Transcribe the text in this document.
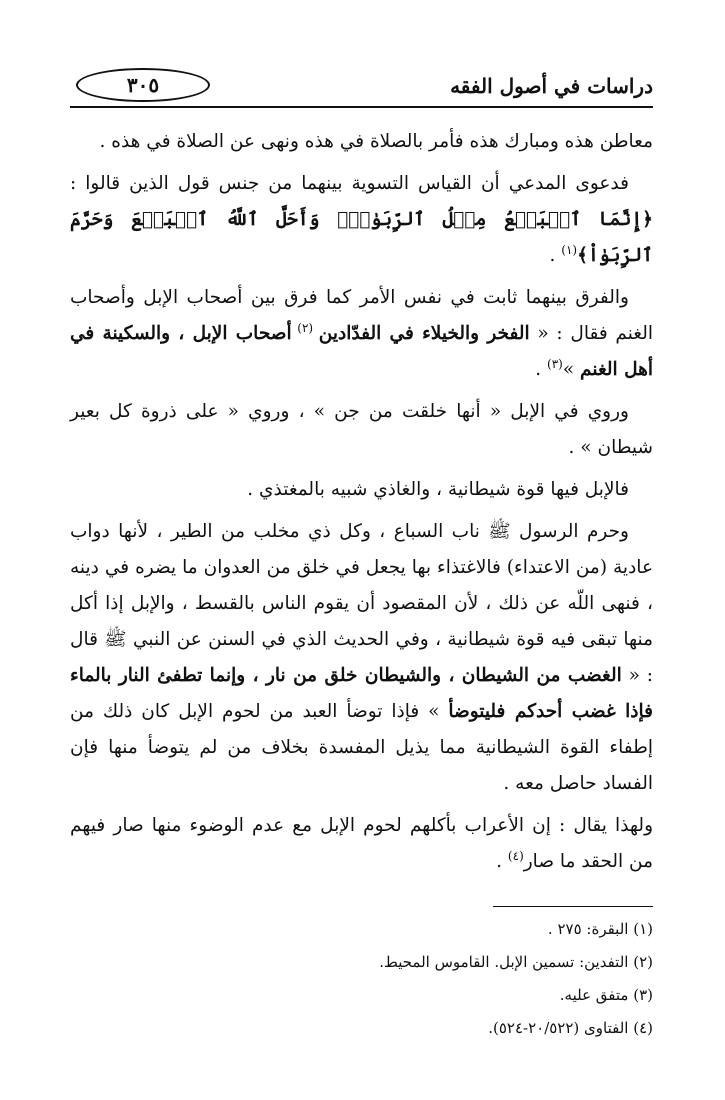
دراسات في أصول الفقه
٣٠٥

معاطن هذه ومبارك هذه فأمر بالصلاة في هذه ونهى عن الصلاة في هذه .

فدعوى المدعي أن القياس التسوية بينهما من جنس قول الذين قالوا : ﴿إِنَّمَا ٱلۡبَيۡعُ مِثۡلُ ٱلرِّبَوٰاْۗ وَأَحَلَّ ٱللَّهُ ٱلۡبَيۡعَ وَحَرَّمَ ٱلرِّبَوٰاْ﴾$^{(١)}$ .

والفرق بينهما ثابت في نفس الأمر كما فرق بين أصحاب الإبل وأصحاب الغنم فقال : « الفخر والخيلاء في الفدّادين $^{(٢)}$ أصحاب الإبل ، والسكينة في أهل الغنم »$^{(٣)}$ .

وروي في الإبل « أنها خلقت من جن » ، وروي « على ذروة كل بعير شيطان » .

فالإبل فيها قوة شيطانية ، والغاذي شبيه بالمغتذي .

وحرم الرسول ﷺ ناب السباع ، وكل ذي مخلب من الطير ، لأنها دواب عادية (من الاعتداء) فالاغتذاء بها يجعل في خلق من العدوان ما يضره في دينه ، فنهى اللّه عن ذلك ، لأن المقصود أن يقوم الناس بالقسط ، والإبل إذا أكل منها تبقى فيه قوة شيطانية ، وفي الحديث الذي في السنن عن النبي ﷺ قال : « الغضب من الشيطان ، والشيطان خلق من نار ، وإنما تطفئ النار بالماء فإذا غضب أحدكم فليتوضأ » فإذا توضأ العبد من لحوم الإبل كان ذلك من إطفاء القوة الشيطانية مما يذيل المفسدة بخلاف من لم يتوضأ منها فإن الفساد حاصل معه .

ولهذا يقال : إن الأعراب بأكلهم لحوم الإبل مع عدم الوضوء منها صار فيهم من الحقد ما صار$^{(٤)}$ .

(١) البقرة: ٢٧٥ .

(٢) التفدين: تسمين الإبل. القاموس المحيط.

(٣) متفق عليه.

(٤) الفتاوى (٢٠/٥٢٢-٥٢٤).
